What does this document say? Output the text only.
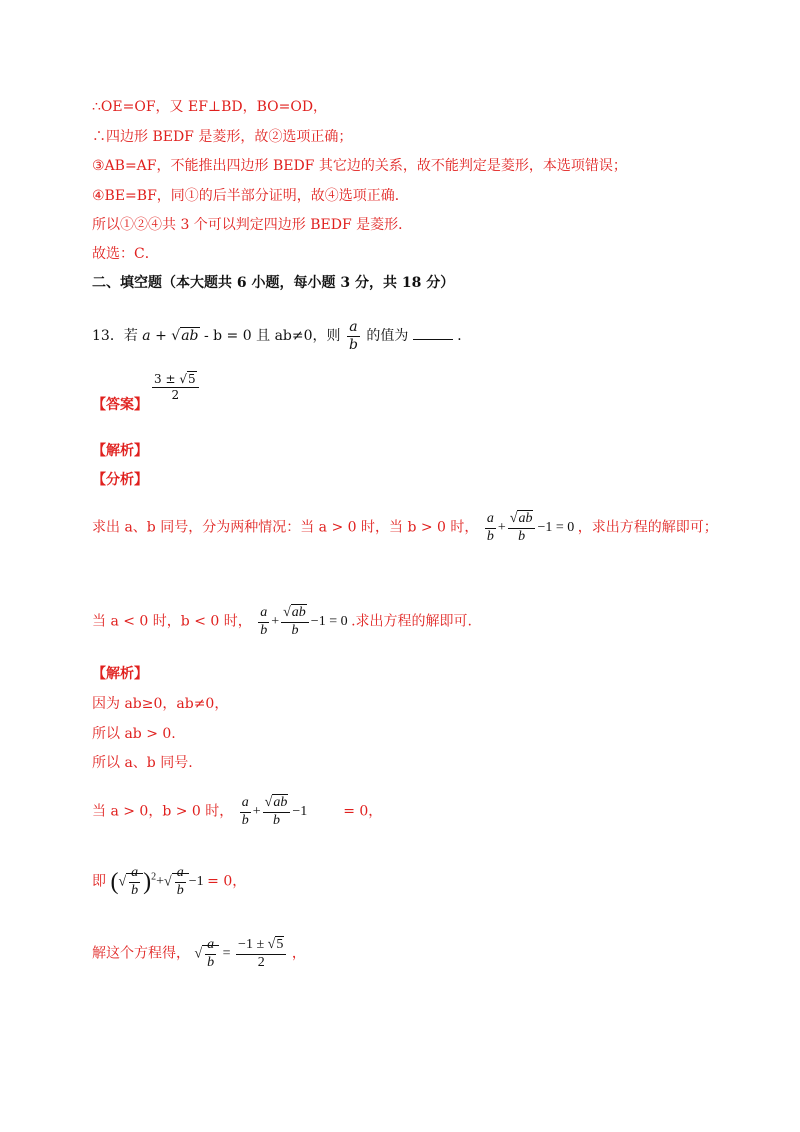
∴OE=OF，又 EF⊥BD，BO=OD，
∴四边形 BEDF 是菱形，故②选项正确；
③AB=AF，不能推出四边形 BEDF 其它边的关系，故不能判定是菱形，本选项错误；
④BE=BF，同①的后半部分证明，故④选项正确．
所以①②④共 3 个可以判定四边形 BEDF 是菱形．
故选：C．
二、填空题（本大题共 6 小题，每小题 3 分，共 18 分）
13．若 a + √ab - b = 0 且 ab≠0，则 $\frac{a}{b}$ 的值为	．
【答案】
$\frac{3 \pm √5}{2}$
【解析】
【分析】
求出 a、b 同号，分为两种情况：当 a > 0 时，当 b > 0 时， $\frac{a}{b} + \frac{√ab}{b} -1 = 0$ ，求出方程的解即可；
当 a < 0 时，b < 0 时， $\frac{a}{b} + \frac{√ab}{b} -1 = 0$ .求出方程的解即可.
【解析】
因为 ab≥0，ab≠0，
所以 ab > 0.
所以 a、b 同号.
当 a > 0，b > 0 时， $\frac{a}{b} + \frac{√ab}{b} -1$	= 0，
即 (√ $\frac{a}{b} )^2+√ \frac{a}{b} -1 = 0$，
解这个方程得， √ $\frac{a}{b} = \frac{-1 \pm √5}{2}$ ，
